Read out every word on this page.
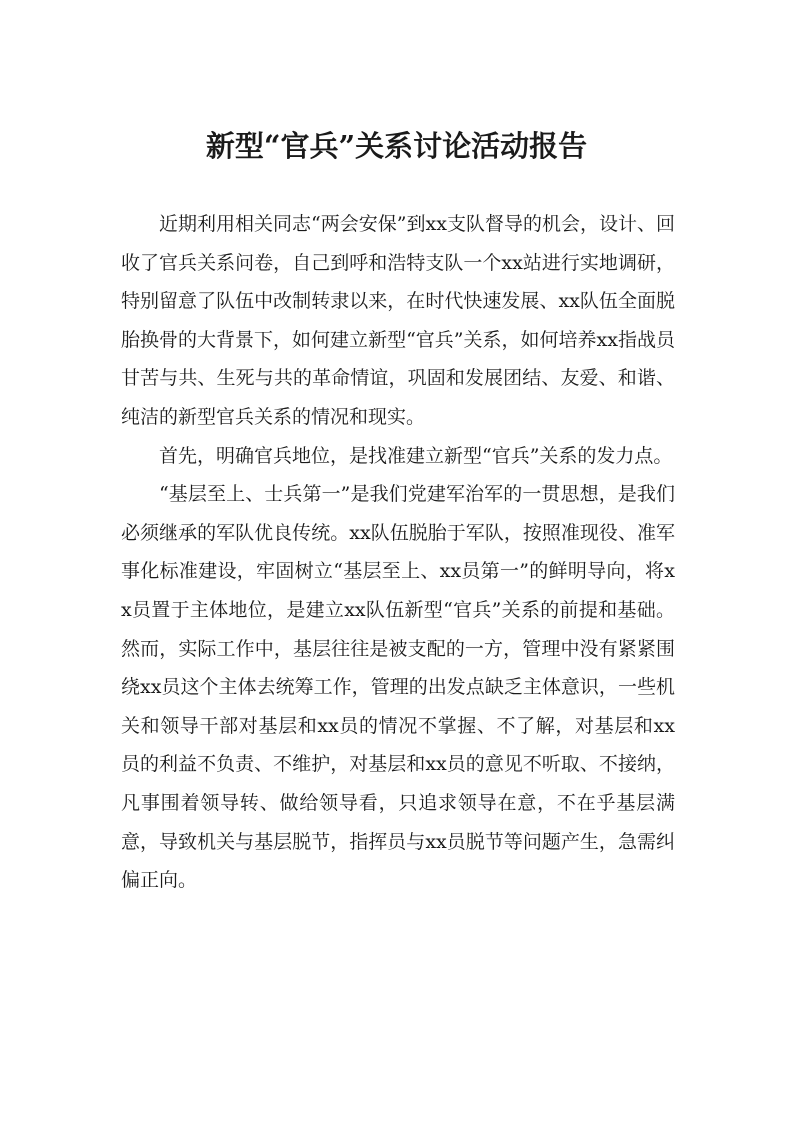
新型“官兵”关系讨论活动报告

近期利用相关同志“两会安保”到xx支队督导的机会，设计、回收了官兵关系问卷，自己到呼和浩特支队一个xx站进行实地调研，特别留意了队伍中改制转隶以来，在时代快速发展、xx队伍全面脱胎换骨的大背景下，如何建立新型“官兵”关系，如何培养xx指战员甘苦与共、生死与共的革命情谊，巩固和发展团结、友爱、和谐、纯洁的新型官兵关系的情况和现实。

首先，明确官兵地位，是找准建立新型“官兵”关系的发力点。

“基层至上、士兵第一”是我们党建军治军的一贯思想，是我们必须继承的军队优良传统。xx队伍脱胎于军队，按照准现役、准军事化标准建设，牢固树立“基层至上、xx员第一”的鲜明导向，将xx员置于主体地位，是建立xx队伍新型“官兵”关系的前提和基础。然而，实际工作中，基层往往是被支配的一方，管理中没有紧紧围绕xx员这个主体去统筹工作，管理的出发点缺乏主体意识，一些机关和领导干部对基层和xx员的情况不掌握、不了解，对基层和xx员的利益不负责、不维护，对基层和xx员的意见不听取、不接纳，凡事围着领导转、做给领导看，只追求领导在意，不在乎基层满意，导致机关与基层脱节，指挥员与xx员脱节等问题产生，急需纠偏正向。
